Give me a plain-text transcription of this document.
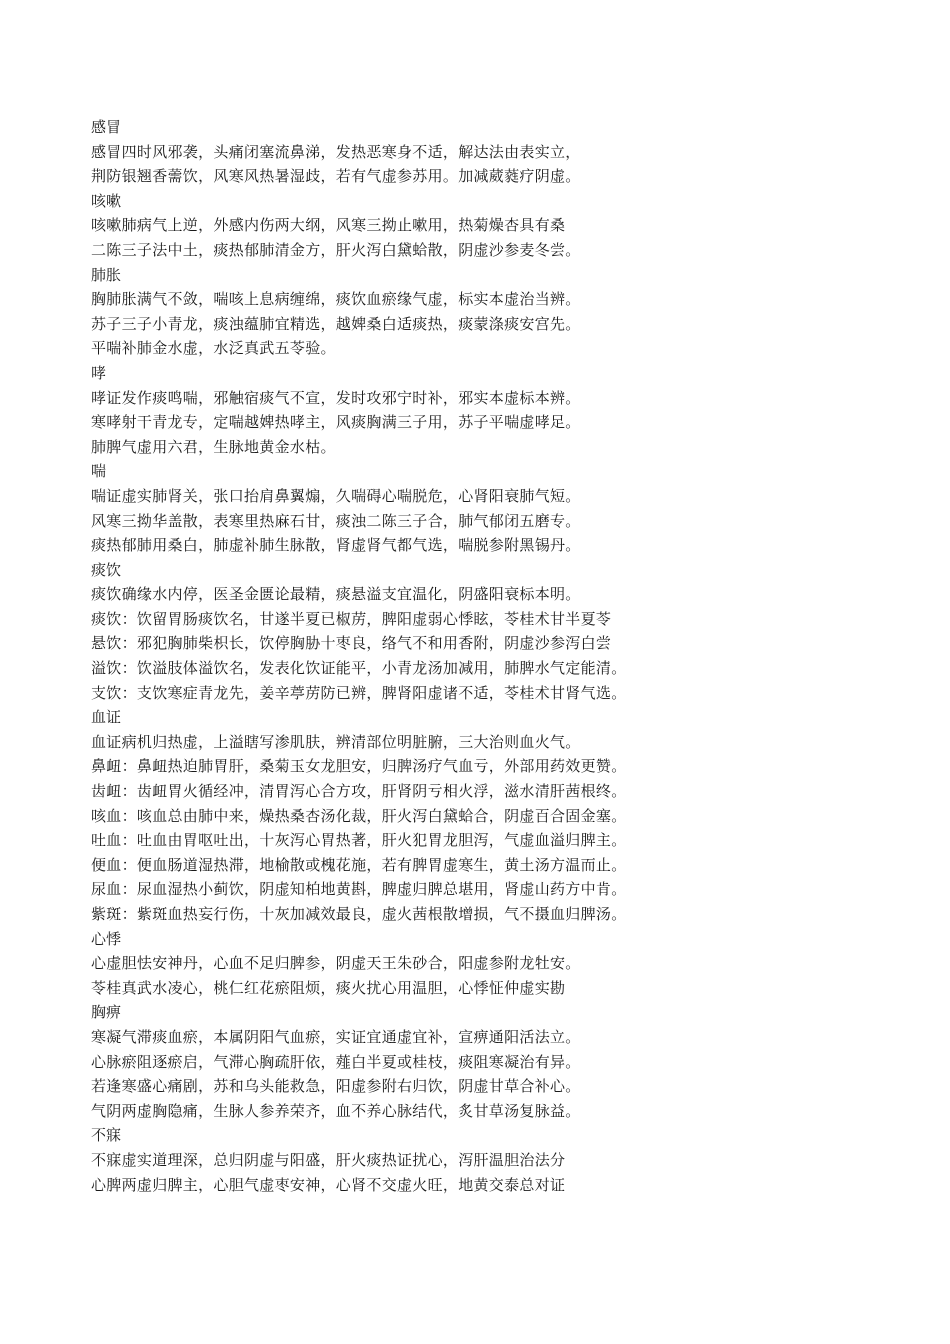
感冒
感冒四时风邪袭，头痛闭塞流鼻涕，发热恶寒身不适，解达法由表实立，
荆防银翘香薷饮，风寒风热暑湿歧，若有气虚参苏用。加减葳蕤疗阴虚。
咳嗽
咳嗽肺病气上逆，外感内伤两大纲，风寒三拗止嗽用，热菊燥杏具有桑
二陈三子法中土，痰热郁肺清金方，肝火泻白黛蛤散，阴虚沙参麦冬尝。
肺胀
胸肺胀满气不敛，喘咳上息病缠绵，痰饮血瘀缘气虚，标实本虚治当辨。
苏子三子小青龙，痰浊蕴肺宜精选，越婢桑白适痰热，痰蒙涤痰安宫先。
平喘补肺金水虚，水泛真武五苓验。
哮
哮证发作痰鸣喘，邪触宿痰气不宣，发时攻邪宁时补，邪实本虚标本辨。
寒哮射干青龙专，定喘越婢热哮主，风痰胸满三子用，苏子平喘虚哮足。
肺脾气虚用六君，生脉地黄金水枯。
喘
喘证虚实肺肾关，张口抬肩鼻翼煽，久喘碍心喘脱危，心肾阳衰肺气短。
风寒三拗华盖散，表寒里热麻石甘，痰浊二陈三子合，肺气郁闭五磨专。
痰热郁肺用桑白，肺虚补肺生脉散，肾虚肾气都气选，喘脱参附黑锡丹。
痰饮
痰饮确缘水内停，医圣金匮论最精，痰悬溢支宜温化，阴盛阳衰标本明。
痰饮：饮留胃肠痰饮名，甘遂半夏已椒苈，脾阳虚弱心悸眩，苓桂术甘半夏苓
悬饮：邪犯胸肺柴枳长，饮停胸胁十枣良，络气不和用香附，阴虚沙参泻白尝
溢饮：饮溢肢体溢饮名，发表化饮证能平，小青龙汤加减用，肺脾水气定能清。
支饮：支饮寒症青龙先，姜辛葶苈防已辨，脾肾阳虚诸不适，苓桂术甘肾气选。
血证
血证病机归热虚，上溢瞎写渗肌肤，辨清部位明脏腑，三大治则血火气。
鼻衄：鼻衄热迫肺胃肝，桑菊玉女龙胆安，归脾汤疗气血亏，外部用药效更赞。
齿衄：齿衄胃火循经冲，清胃泻心合方攻，肝肾阴亏相火浮，滋水清肝茜根终。
咳血：咳血总由肺中来，燥热桑杏汤化裁，肝火泻白黛蛤合，阴虚百合固金塞。
吐血：吐血由胃呕吐出，十灰泻心胃热著，肝火犯胃龙胆泻，气虚血溢归脾主。
便血：便血肠道湿热滞，地榆散或槐花施，若有脾胃虚寒生，黄土汤方温而止。
尿血：尿血湿热小蓟饮，阴虚知柏地黄斟，脾虚归脾总堪用，肾虚山药方中肯。
紫斑：紫斑血热妄行伤，十灰加减效最良，虚火茜根散增损，气不摄血归脾汤。
心悸
心虚胆怯安神丹，心血不足归脾参，阴虚天王朱砂合，阳虚参附龙牡安。
苓桂真武水凌心，桃仁红花瘀阻烦，痰火扰心用温胆，心悸怔仲虚实勘
胸痹
寒凝气滞痰血瘀，本属阴阳气血瘀，实证宜通虚宜补，宣痹通阳活法立。
心脉瘀阻逐瘀启，气滞心胸疏肝依，薤白半夏或桂枝，痰阻寒凝治有异。
若逢寒盛心痛剧，苏和乌头能救急，阳虚参附右归饮，阴虚甘草合补心。
气阴两虚胸隐痛，生脉人参养荣齐，血不养心脉结代，炙甘草汤复脉益。
不寐
不寐虚实道理深，总归阴虚与阳盛，肝火痰热证扰心，泻肝温胆治法分
心脾两虚归脾主，心胆气虚枣安神，心肾不交虚火旺，地黄交泰总对证
